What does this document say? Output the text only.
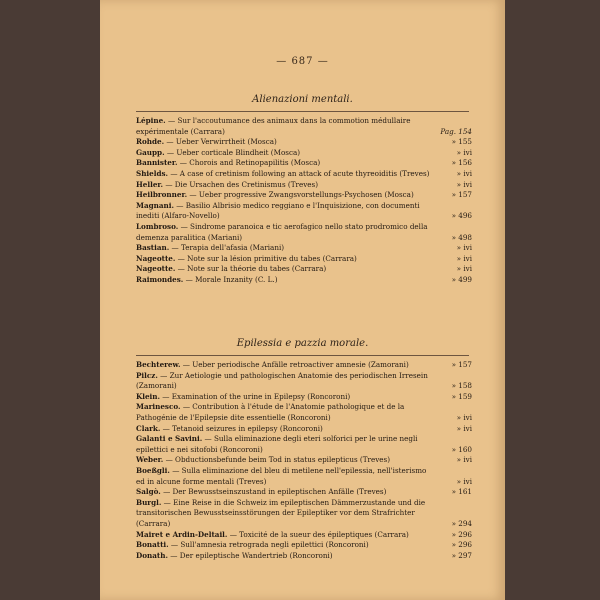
— 687 —
Alienazioni mentali.
Lépine. — Sur l'accoutumance des animaux dans la commotion médullaire expérimentale (Carrara)	Pag. 154
Rohde. — Ueber Verwirrtheit (Mosca)	» 155
Gaupp. — Ueber corticale Blindheit (Mosca)	» ivi
Bannister. — Chorois and Retinopapilitis (Mosca)	» 156
Shields. — A case of cretinism following an attack of acute thyreoiditis (Treves)	» ivi
Heller. — Die Ursachen des Cretinismus (Treves)	» ivi
Heilbronner. — Ueber progressive Zwangsvorstellungs-Psychosen (Mosca)	» 157
Magnani. — Basilio Albrisio medico reggiano e l'Inquisizione, con documenti inediti (Alfaro-Novello)	» 496
Lombroso. — Sindrome paranoica e tic aerofagico nello stato prodromico della demenza paralitica (Mariani)	» 498
Bastian. — Terapia dell'afasia (Mariani)	» ivi
Nageotte. — Note sur la lésion primitive du tabes (Carrara)	» ivi
Nageotte. — Note sur la théorie du tabes (Carrara)	» ivi
Raimondes. — Morale Inzanity (C. L.)	» 499
Epilessia e pazzia morale.
Bechterew. — Ueber periodische Anfälle retroactiver amnesie (Zamorani)	» 157
Pilcz. — Zur Aetiologie und pathologischen Anatomie des periodischen Irresein (Zamorani)	» 158
Klein. — Examination of the urine in Epilepsy (Roncoroni)	» 159
Marinesco. — Contribution à l'étude de l'Anatomie pathologique et de la Pathogénie de l'Epilepsie dite essentielle (Roncoroni)	» ivi
Clark. — Tetanoid seizures in epilepsy (Roncoroni)	» ivi
Galanti e Savini. — Sulla eliminazione degli eteri solforici per le urine negli epilettici e nei sitofobi (Roncoroni)	» 160
Weber. — Obductionsbefunde beim Tod in status epilepticus (Treves)	» ivi
Boeßgli. — Sulla eliminazione del bleu di metilene nell'epilessia, nell'isterismo ed in alcune forme mentali (Treves)	» ivi
Salgò. — Der Bewusstseinszustand in epileptischen Anfälle (Treves)	» 161
Burgl. — Eine Reise in die Schweiz im epileptischen Dämmerzustande und die transitorischen Bewusstseinsstörungen der Epileptiker vor dem Strafrichter (Carrara)	» 294
Mairet e Ardin-Deltail. — Toxicité de la sueur des épileptiques (Carrara)	» 296
Bonatti. — Sull'amnesia retrograda negli epilettici (Roncoroni)	» 296
Donath. — Der epileptische Wandertrieb (Roncoroni)	» 297
